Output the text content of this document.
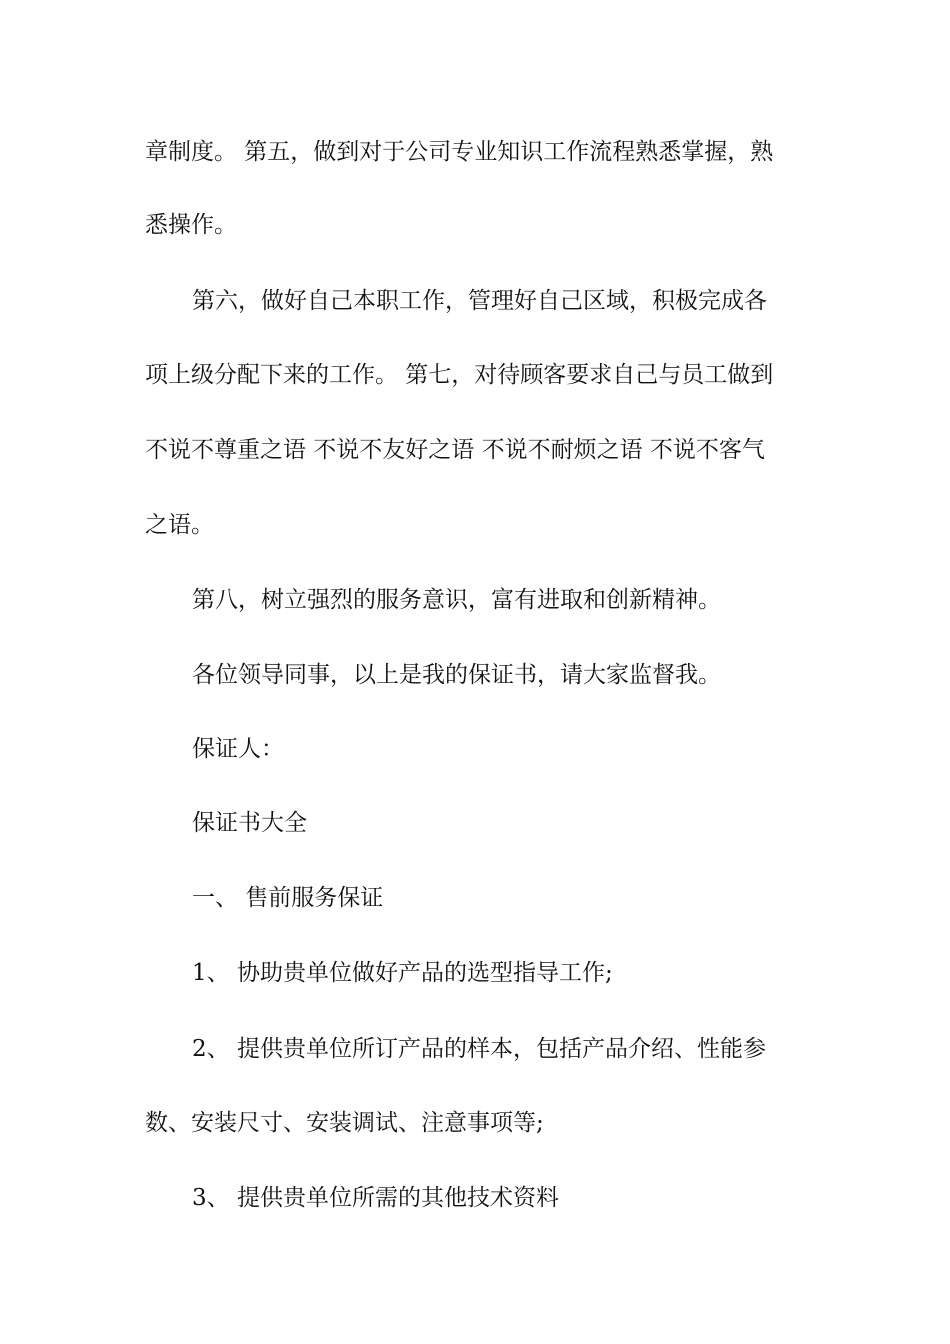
章制度。 第五，做到对于公司专业知识工作流程熟悉掌握，熟

悉操作。

第六，做好自己本职工作，管理好自己区域，积极完成各

项上级分配下来的工作。 第七，对待顾客要求自己与员工做到

不说不尊重之语 不说不友好之语 不说不耐烦之语 不说不客气

之语。

第八，树立强烈的服务意识，富有进取和创新精神。

各位领导同事，以上是我的保证书，请大家监督我。

保证人：

保证书大全

一、 售前服务保证

1、 协助贵单位做好产品的选型指导工作;

2、 提供贵单位所订产品的样本，包括产品介绍、性能参

数、安装尺寸、安装调试、注意事项等;

3、 提供贵单位所需的其他技术资料
